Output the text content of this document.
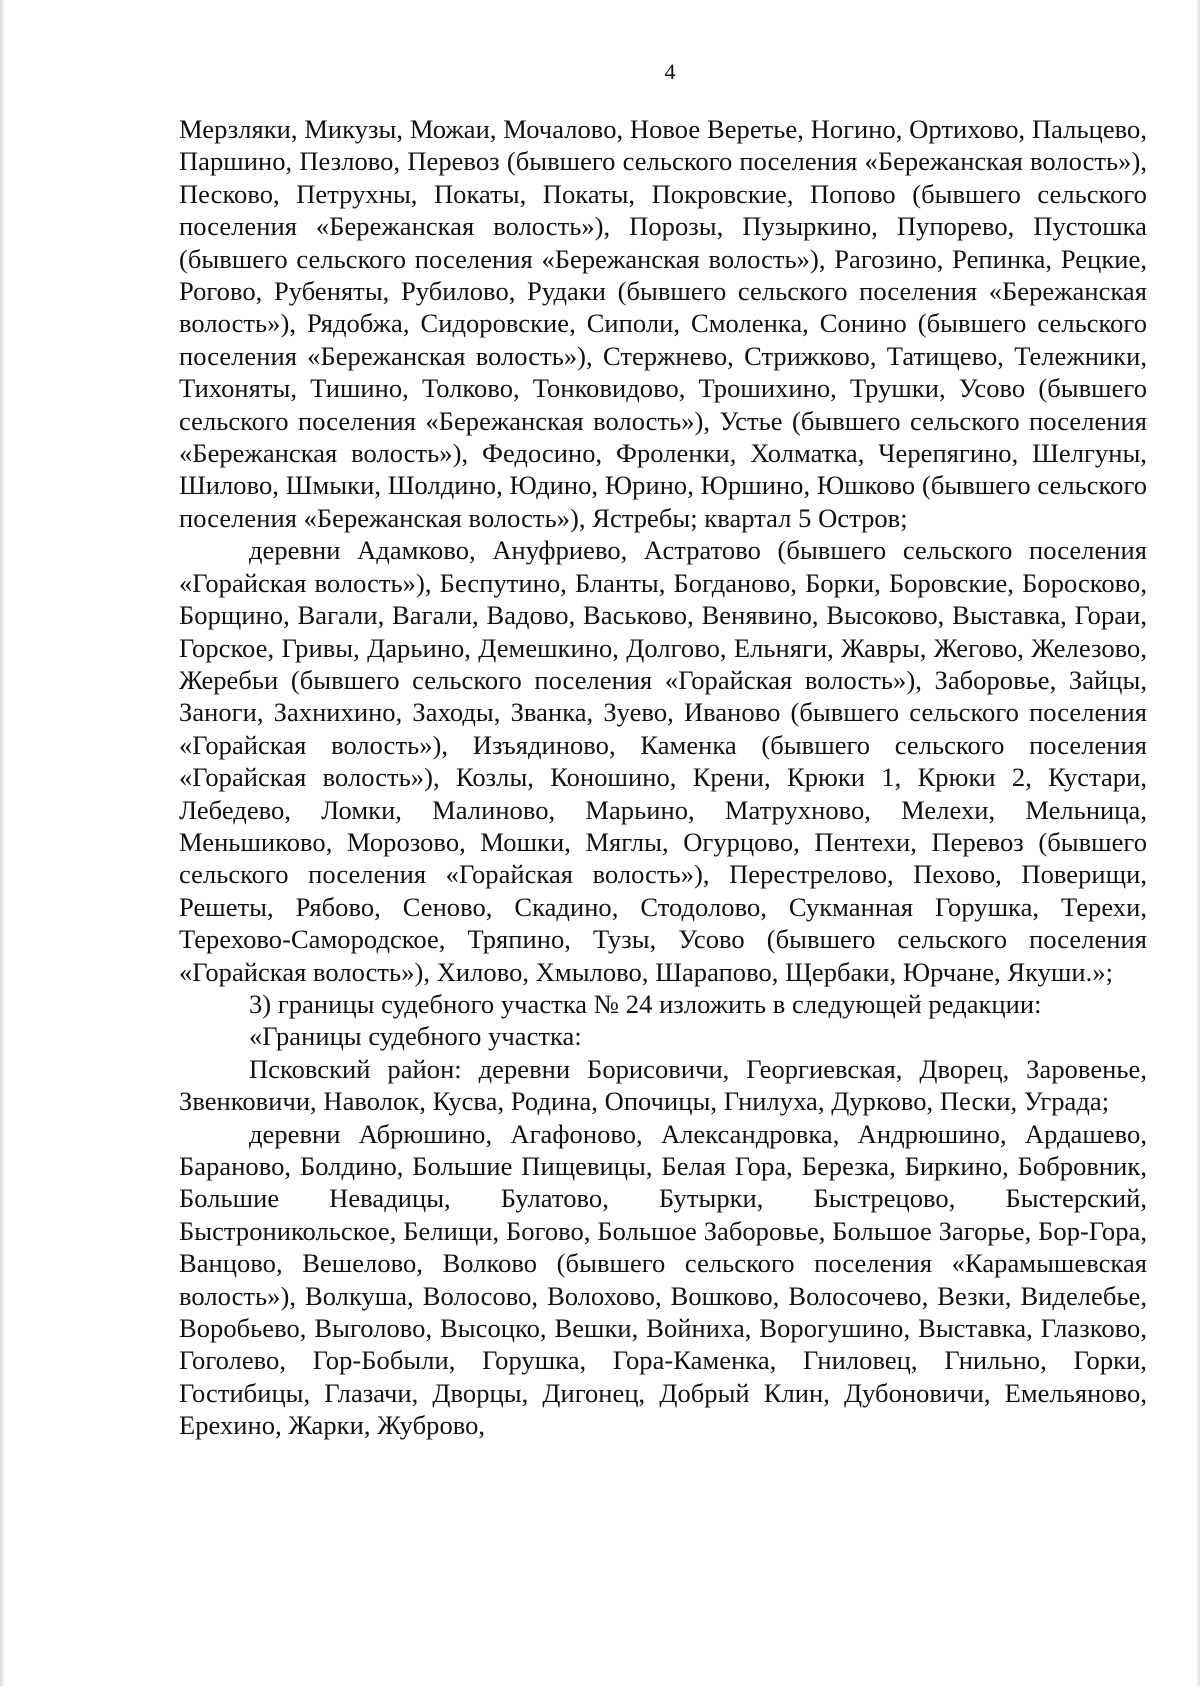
4

Мерзляки, Микузы, Можаи, Мочалово, Новое Веретье, Ногино, Ортихово, Пальцево, Паршино, Пезлово, Перевоз (бывшего сельского поселения «Бережанская волость»), Песково, Петрухны, Покаты, Покаты, Покровские, Попово (бывшего сельского поселения «Бережанская волость»), Порозы, Пузыркино, Пупорево, Пустошка (бывшего сельского поселения «Бережанская волость»), Рагозино, Репинка, Рецкие, Рогово, Рубеняты, Рубилово, Рудаки (бывшего сельского поселения «Бережанская волость»), Рядобжа, Сидоровские, Сиполи, Смоленка, Сонино (бывшего сельского поселения «Бережанская волость»), Стержнево, Стрижково, Татищево, Тележники, Тихоняты, Тишино, Толково, Тонковидово, Трошихино, Трушки, Усово (бывшего сельского поселения «Бережанская волость»), Устье (бывшего сельского поселения «Бережанская волость»), Федосино, Фроленки, Холматка, Черепягино, Шелгуны, Шилово, Шмыки, Шолдино, Юдино, Юрино, Юршино, Юшково (бывшего сельского поселения «Бережанская волость»), Ястребы; квартал 5 Остров;

деревни Адамково, Ануфриево, Астратово (бывшего сельского поселения «Горайская волость»), Беспутино, Бланты, Богданово, Борки, Боровские, Боросково, Борщино, Вагали, Вагали, Вадово, Васьково, Венявино, Высоково, Выставка, Гораи, Горское, Гривы, Дарьино, Демешкино, Долгово, Ельняги, Жавры, Жегово, Железово, Жеребьи (бывшего сельского поселения «Горайская волость»), Заборовье, Зайцы, Заноги, Захнихино, Заходы, Званка, Зуево, Иваново (бывшего сельского поселения «Горайская волость»), Изъядиново, Каменка (бывшего сельского поселения «Горайская волость»), Козлы, Коношино, Крени, Крюки 1, Крюки 2, Кустари, Лебедево, Ломки, Малиново, Марьино, Матрухново, Мелехи, Мельница, Меньшиково, Морозово, Мошки, Мяглы, Огурцово, Пентехи, Перевоз (бывшего сельского поселения «Горайская волость»), Перестрелово, Пехово, Поверищи, Решеты, Рябово, Сеново, Скадино, Стодолово, Сукманная Горушка, Терехи, Терехово-Самородское, Тряпино, Тузы, Усово (бывшего сельского поселения «Горайская волость»), Хилово, Хмылово, Шарапово, Щербаки, Юрчане, Якуши.»;

3) границы судебного участка № 24 изложить в следующей редакции:

«Границы судебного участка:

Псковский район: деревни Борисовичи, Георгиевская, Дворец, Заровенье, Звенковичи, Наволок, Кусва, Родина, Опочицы, Гнилуха, Дурково, Пески, Уграда;

деревни Абрюшино, Агафоново, Александровка, Андрюшино, Ардашево, Бараново, Болдино, Большие Пищевицы, Белая Гора, Березка, Биркино, Бобровник, Большие Невадицы, Булатово, Бутырки, Быстрецово, Быстерский, Быстроникольское, Белищи, Богово, Большое Заборовье, Большое Загорье, Бор-Гора, Ванцово, Вешелово, Волково (бывшего сельского поселения «Карамышевская волость»), Волкуша, Волосово, Волохово, Вошково, Волосочево, Везки, Виделебье, Воробьево, Выголово, Высоцко, Вешки, Войниха, Ворогушино, Выставка, Глазково, Гоголево, Гор-Бобыли, Горушка, Гора-Каменка, Гниловец, Гнильно, Горки, Гостибицы, Глазачи, Дворцы, Дигонец, Добрый Клин, Дубоновичи, Емельяново, Ерехино, Жарки, Жуброво,
